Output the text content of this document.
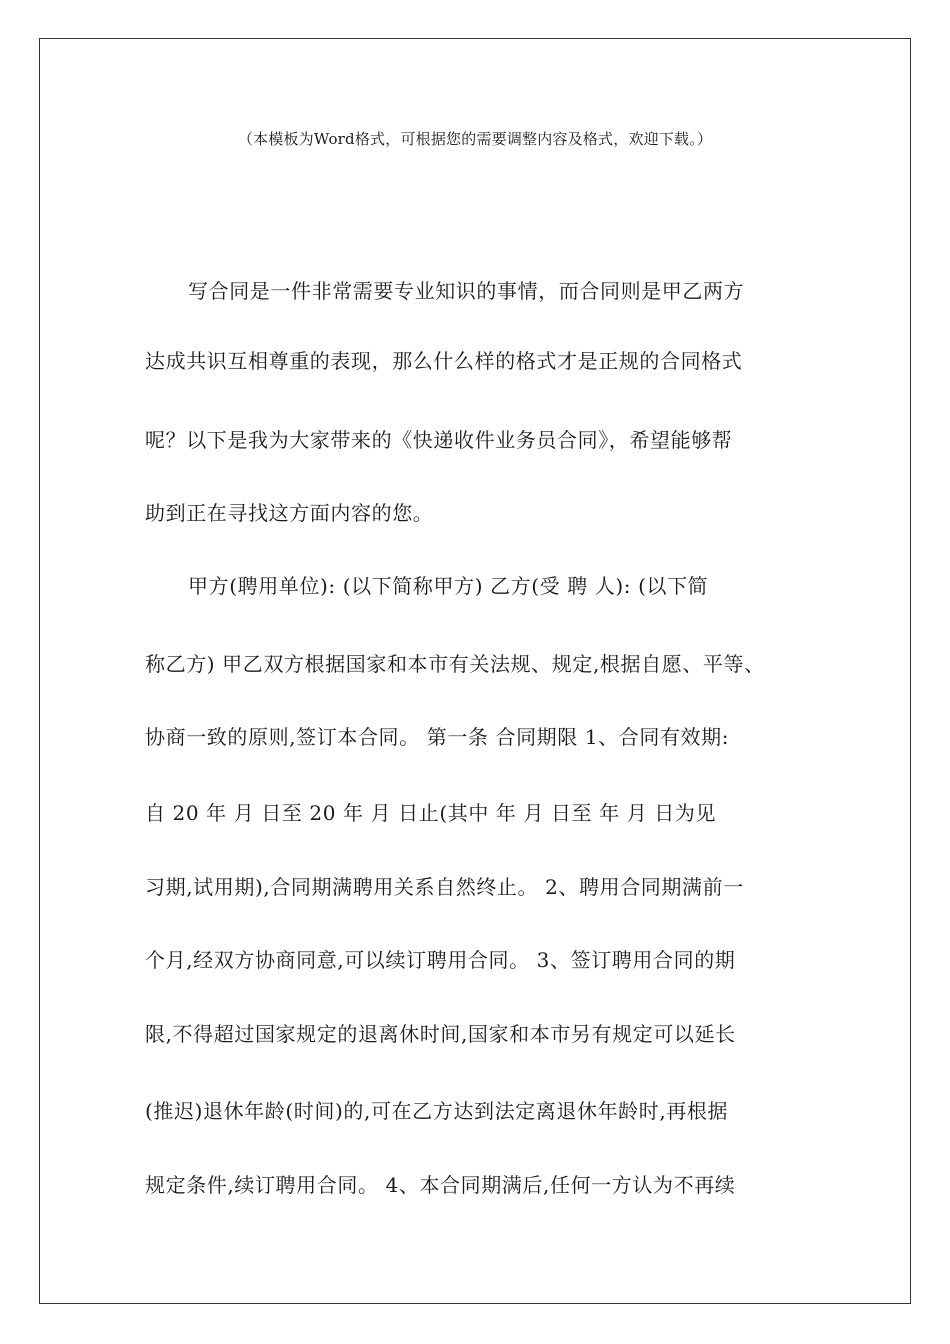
（本模板为Word格式，可根据您的需要调整内容及格式，欢迎下载。）
写合同是一件非常需要专业知识的事情，而合同则是甲乙两方
达成共识互相尊重的表现，那么什么样的格式才是正规的合同格式
呢？以下是我为大家带来的《快递收件业务员合同》，希望能够帮
助到正在寻找这方面内容的您。
甲方(聘用单位): (以下简称甲方) 乙方(受 聘 人): (以下简
称乙方) 甲乙双方根据国家和本市有关法规、规定,根据自愿、平等、
协商一致的原则,签订本合同。 第一条 合同期限 1、合同有效期:
自 20 年 月 日至 20 年 月 日止(其中 年 月 日至 年 月 日为见
习期,试用期),合同期满聘用关系自然终止。 2、聘用合同期满前一
个月,经双方协商同意,可以续订聘用合同。 3、签订聘用合同的期
限,不得超过国家规定的退离休时间,国家和本市另有规定可以延长
(推迟)退休年龄(时间)的,可在乙方达到法定离退休年龄时,再根据
规定条件,续订聘用合同。 4、本合同期满后,任何一方认为不再续
